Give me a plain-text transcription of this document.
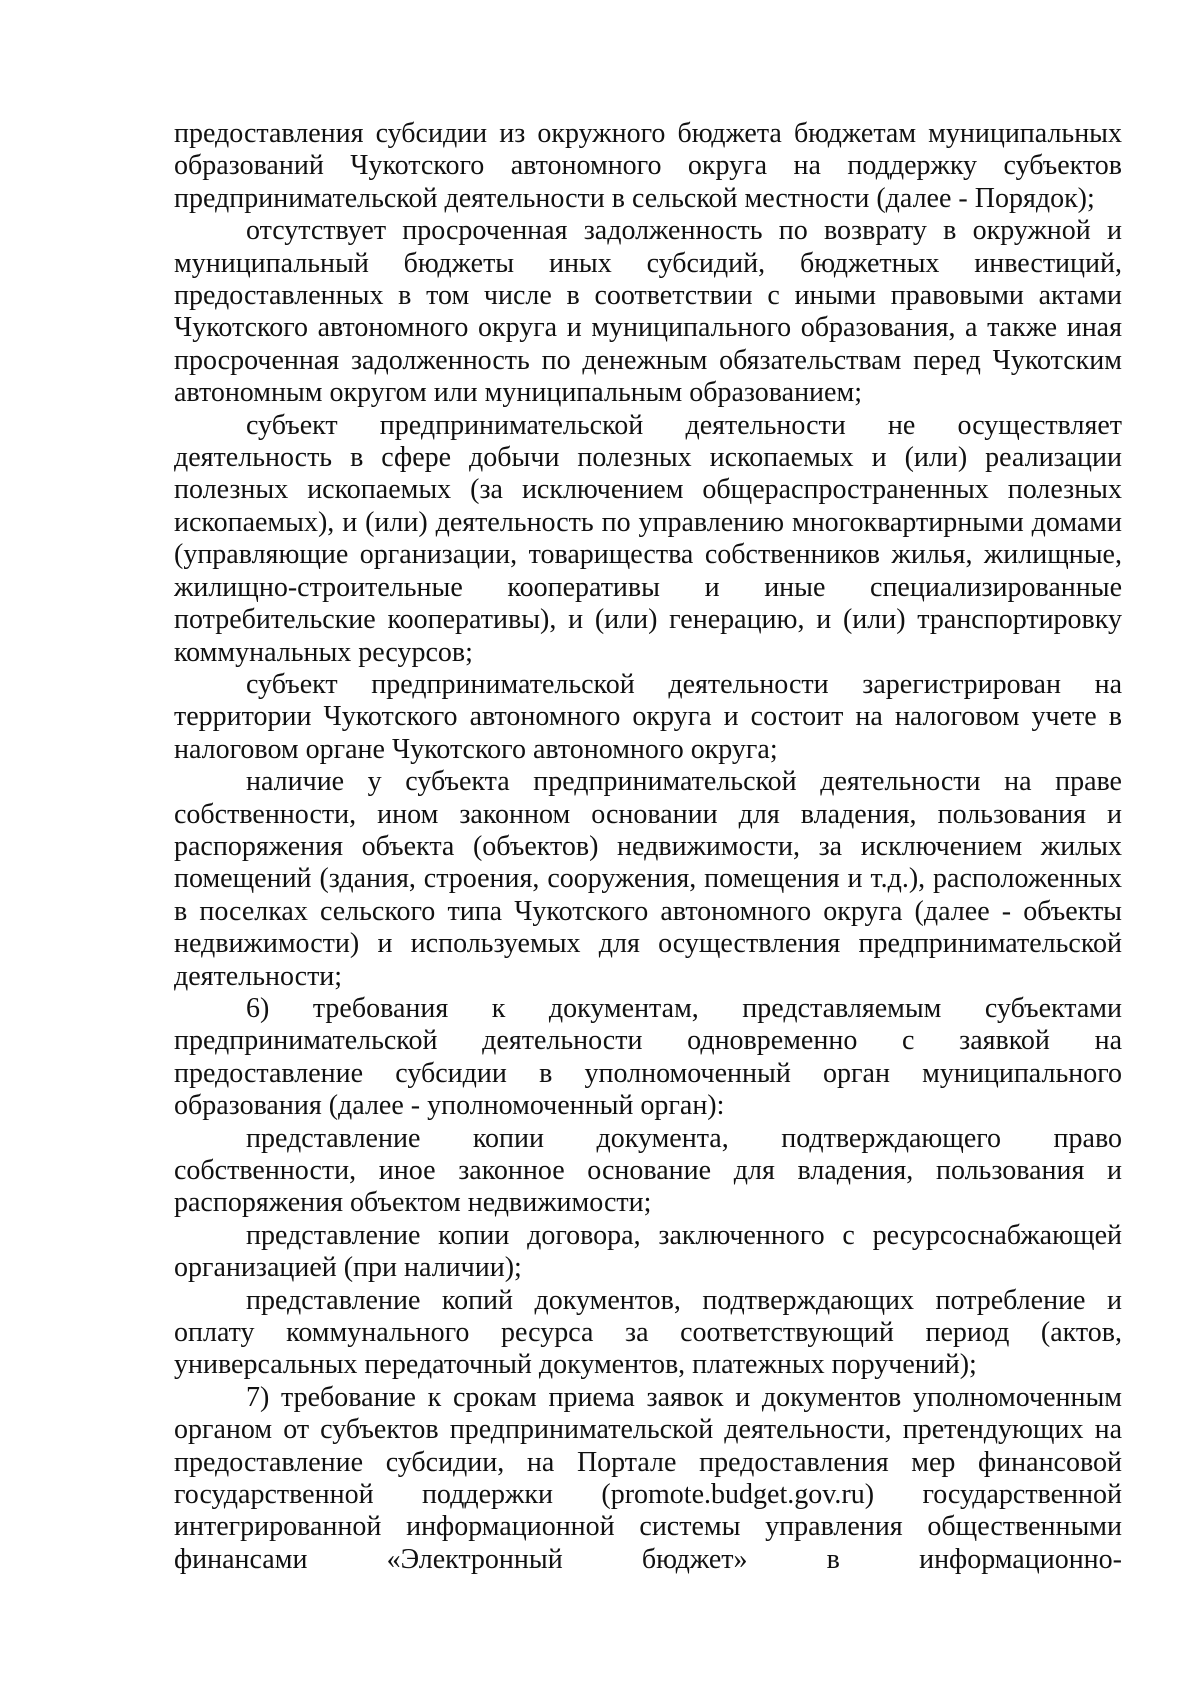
предоставления субсидии из окружного бюджета бюджетам муниципальных образований Чукотского автономного округа на поддержку субъектов предпринимательской деятельности в сельской местности (далее - Порядок);

отсутствует просроченная задолженность по возврату в окружной и муниципальный бюджеты иных субсидий, бюджетных инвестиций, предоставленных в том числе в соответствии с иными правовыми актами Чукотского автономного округа и муниципального образования, а также иная просроченная задолженность по денежным обязательствам перед Чукотским автономным округом или муниципальным образованием;

субъект предпринимательской деятельности не осуществляет деятельность в сфере добычи полезных ископаемых и (или) реализации полезных ископаемых (за исключением общераспространенных полезных ископаемых), и (или) деятельность по управлению многоквартирными домами (управляющие организации, товарищества собственников жилья, жилищные, жилищно-строительные кооперативы и иные специализированные потребительские кооперативы), и (или) генерацию, и (или) транспортировку коммунальных ресурсов;

субъект предпринимательской деятельности зарегистрирован на территории Чукотского автономного округа и состоит на налоговом учете в налоговом органе Чукотского автономного округа;

наличие у субъекта предпринимательской деятельности на праве собственности, ином законном основании для владения, пользования и распоряжения объекта (объектов) недвижимости, за исключением жилых помещений (здания, строения, сооружения, помещения и т.д.), расположенных в поселках сельского типа Чукотского автономного округа (далее - объекты недвижимости) и используемых для осуществления предпринимательской деятельности;

6) требования к документам, представляемым субъектами предпринимательской деятельности одновременно с заявкой на предоставление субсидии в уполномоченный орган муниципального образования (далее - уполномоченный орган):

представление копии документа, подтверждающего право собственности, иное законное основание для владения, пользования и распоряжения объектом недвижимости;

представление копии договора, заключенного с ресурсоснабжающей организацией (при наличии);

представление копий документов, подтверждающих потребление и оплату коммунального ресурса за соответствующий период (актов, универсальных передаточный документов, платежных поручений);

7) требование к срокам приема заявок и документов уполномоченным органом от субъектов предпринимательской деятельности, претендующих на предоставление субсидии, на Портале предоставления мер финансовой государственной поддержки (promote.budget.gov.ru) государственной интегрированной информационной системы управления общественными финансами «Электронный бюджет» в информационно-
